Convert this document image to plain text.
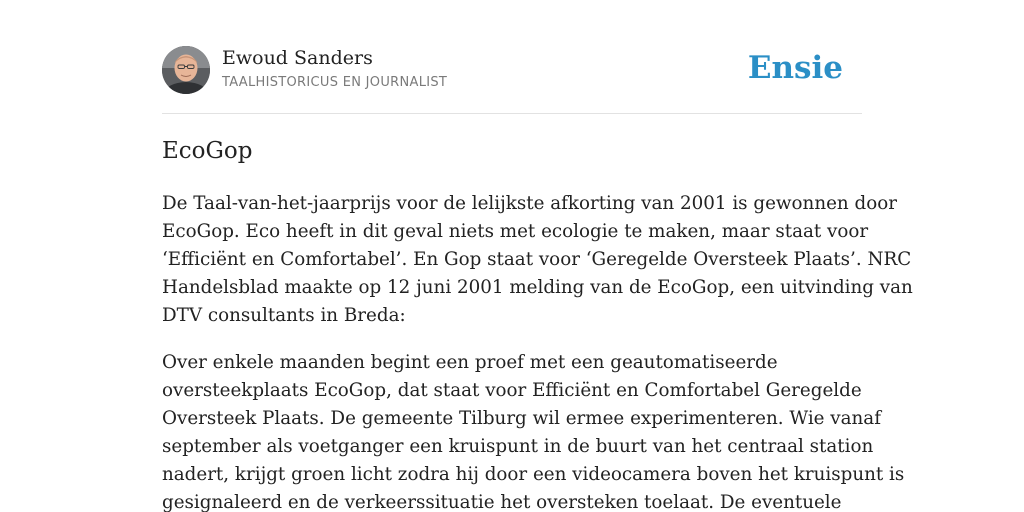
Ewoud Sanders
TAALHISTORICUS EN JOURNALIST	Ensie
EcoGop

De Taal-van-het-jaarprijs voor de lelijkste afkorting van 2001 is gewonnen door
EcoGop. Eco heeft in dit geval niets met ecologie te maken, maar staat voor
‘Efficiënt en Comfortabel’. En Gop staat voor ‘Geregelde Oversteek Plaats’. NRC
Handelsblad maakte op 12 juni 2001 melding van de EcoGop, een uitvinding van
DTV consultants in Breda:

Over enkele maanden begint een proef met een geautomatiseerde
oversteekplaats EcoGop, dat staat voor Efficiënt en Comfortabel Geregelde
Oversteek Plaats. De gemeente Tilburg wil ermee experimenteren. Wie vanaf
september als voetganger een kruispunt in de buurt van het centraal station
nadert, krijgt groen licht zodra hij door een videocamera boven het kruispunt is
gesignaleerd en de verkeerssituatie het oversteken toelaat. De eventuele
